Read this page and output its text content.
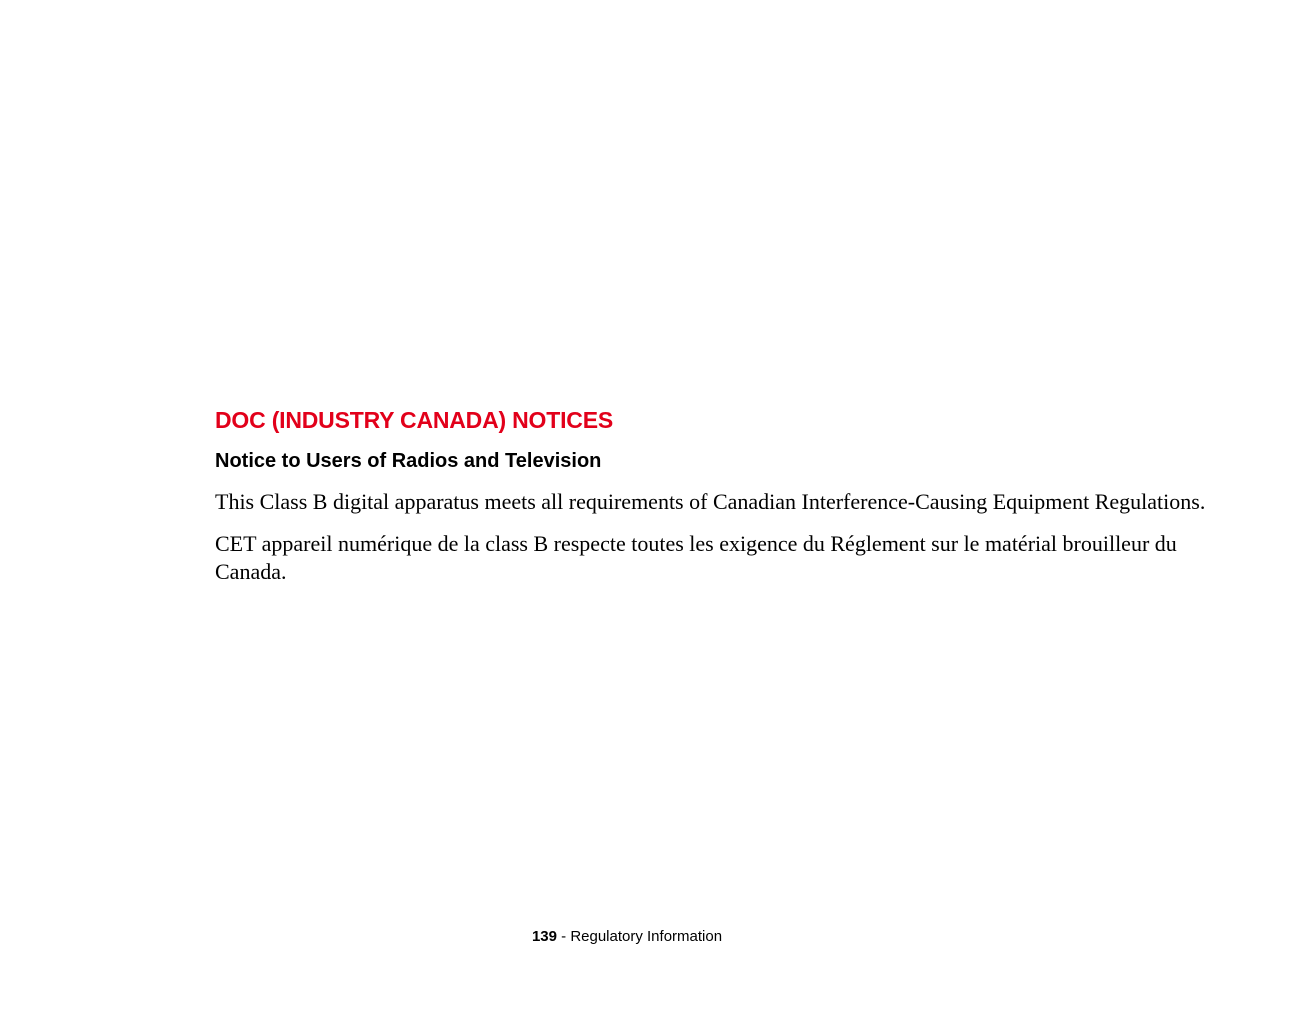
DOC (INDUSTRY CANADA) NOTICES
Notice to Users of Radios and Television

This Class B digital apparatus meets all requirements of Canadian Interference-Causing Equipment Regulations.

CET appareil numérique de la class B respecte toutes les exigence du Réglement sur le matérial brouilleur du Canada.

139 - Regulatory Information
